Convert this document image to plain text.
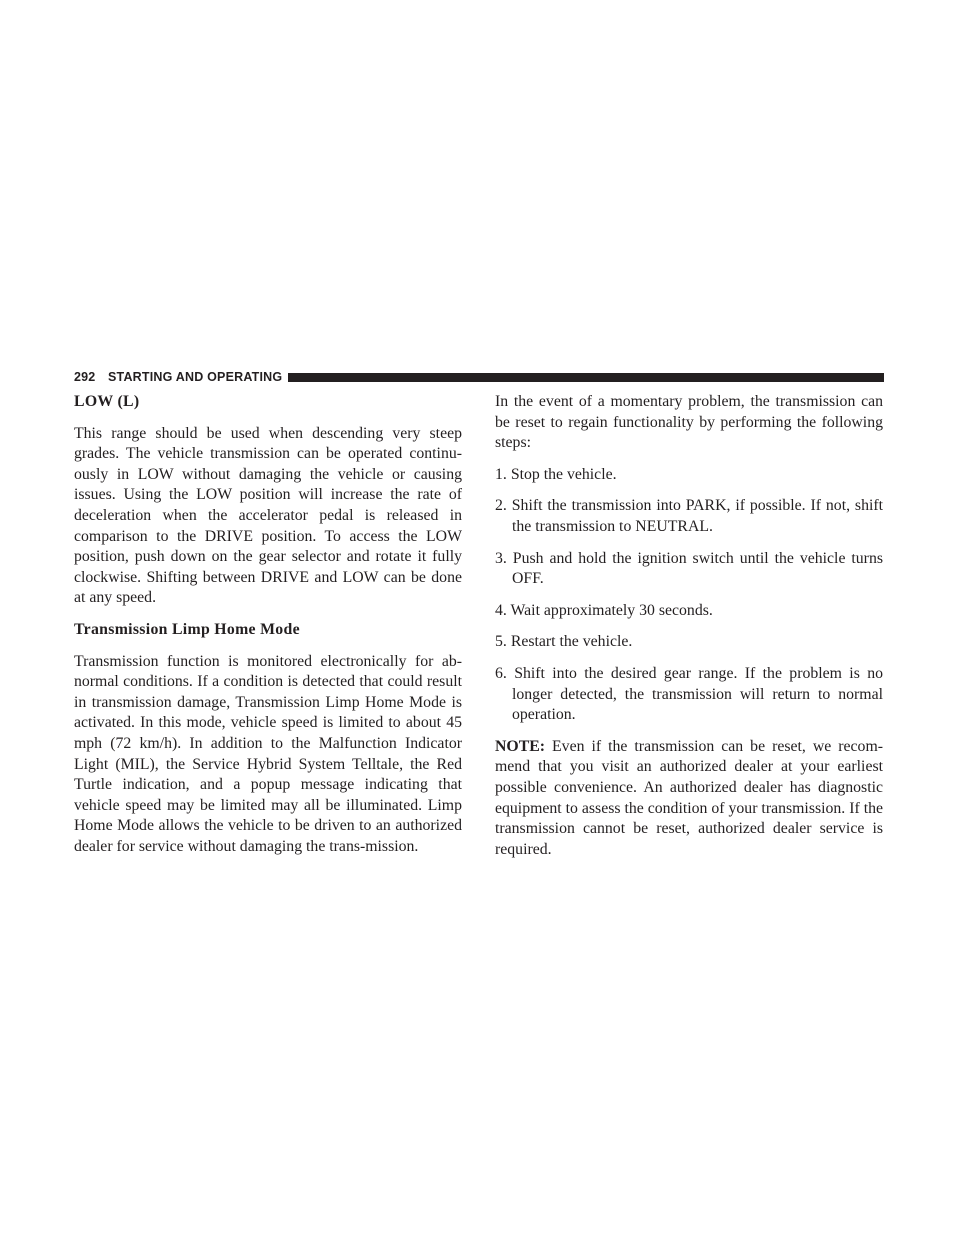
292 STARTING AND OPERATING
LOW (L)

This range should be used when descending very steep grades. The vehicle transmission can be operated continu-ously in LOW without damaging the vehicle or causing issues. Using the LOW position will increase the rate of deceleration when the accelerator pedal is released in comparison to the DRIVE position. To access the LOW position, push down on the gear selector and rotate it fully clockwise. Shifting between DRIVE and LOW can be done at any speed.

Transmission Limp Home Mode

Transmission function is monitored electronically for ab-normal conditions. If a condition is detected that could result in transmission damage, Transmission Limp Home Mode is activated. In this mode, vehicle speed is limited to about 45 mph (72 km/h). In addition to the Malfunction Indicator Light (MIL), the Service Hybrid System Telltale, the Red Turtle indication, and a popup message indicating that vehicle speed may be limited may all be illuminated. Limp Home Mode allows the vehicle to be driven to an authorized dealer for service without damaging the trans-mission.

In the event of a momentary problem, the transmission can be reset to regain functionality by performing the following steps:

1. Stop the vehicle.
2. Shift the transmission into PARK, if possible. If not, shift the transmission to NEUTRAL.
3. Push and hold the ignition switch until the vehicle turns OFF.
4. Wait approximately 30 seconds.
5. Restart the vehicle.
6. Shift into the desired gear range. If the problem is no longer detected, the transmission will return to normal operation.

NOTE: Even if the transmission can be reset, we recom-mend that you visit an authorized dealer at your earliest possible convenience. An authorized dealer has diagnostic equipment to assess the condition of your transmission. If the transmission cannot be reset, authorized dealer service is required.
